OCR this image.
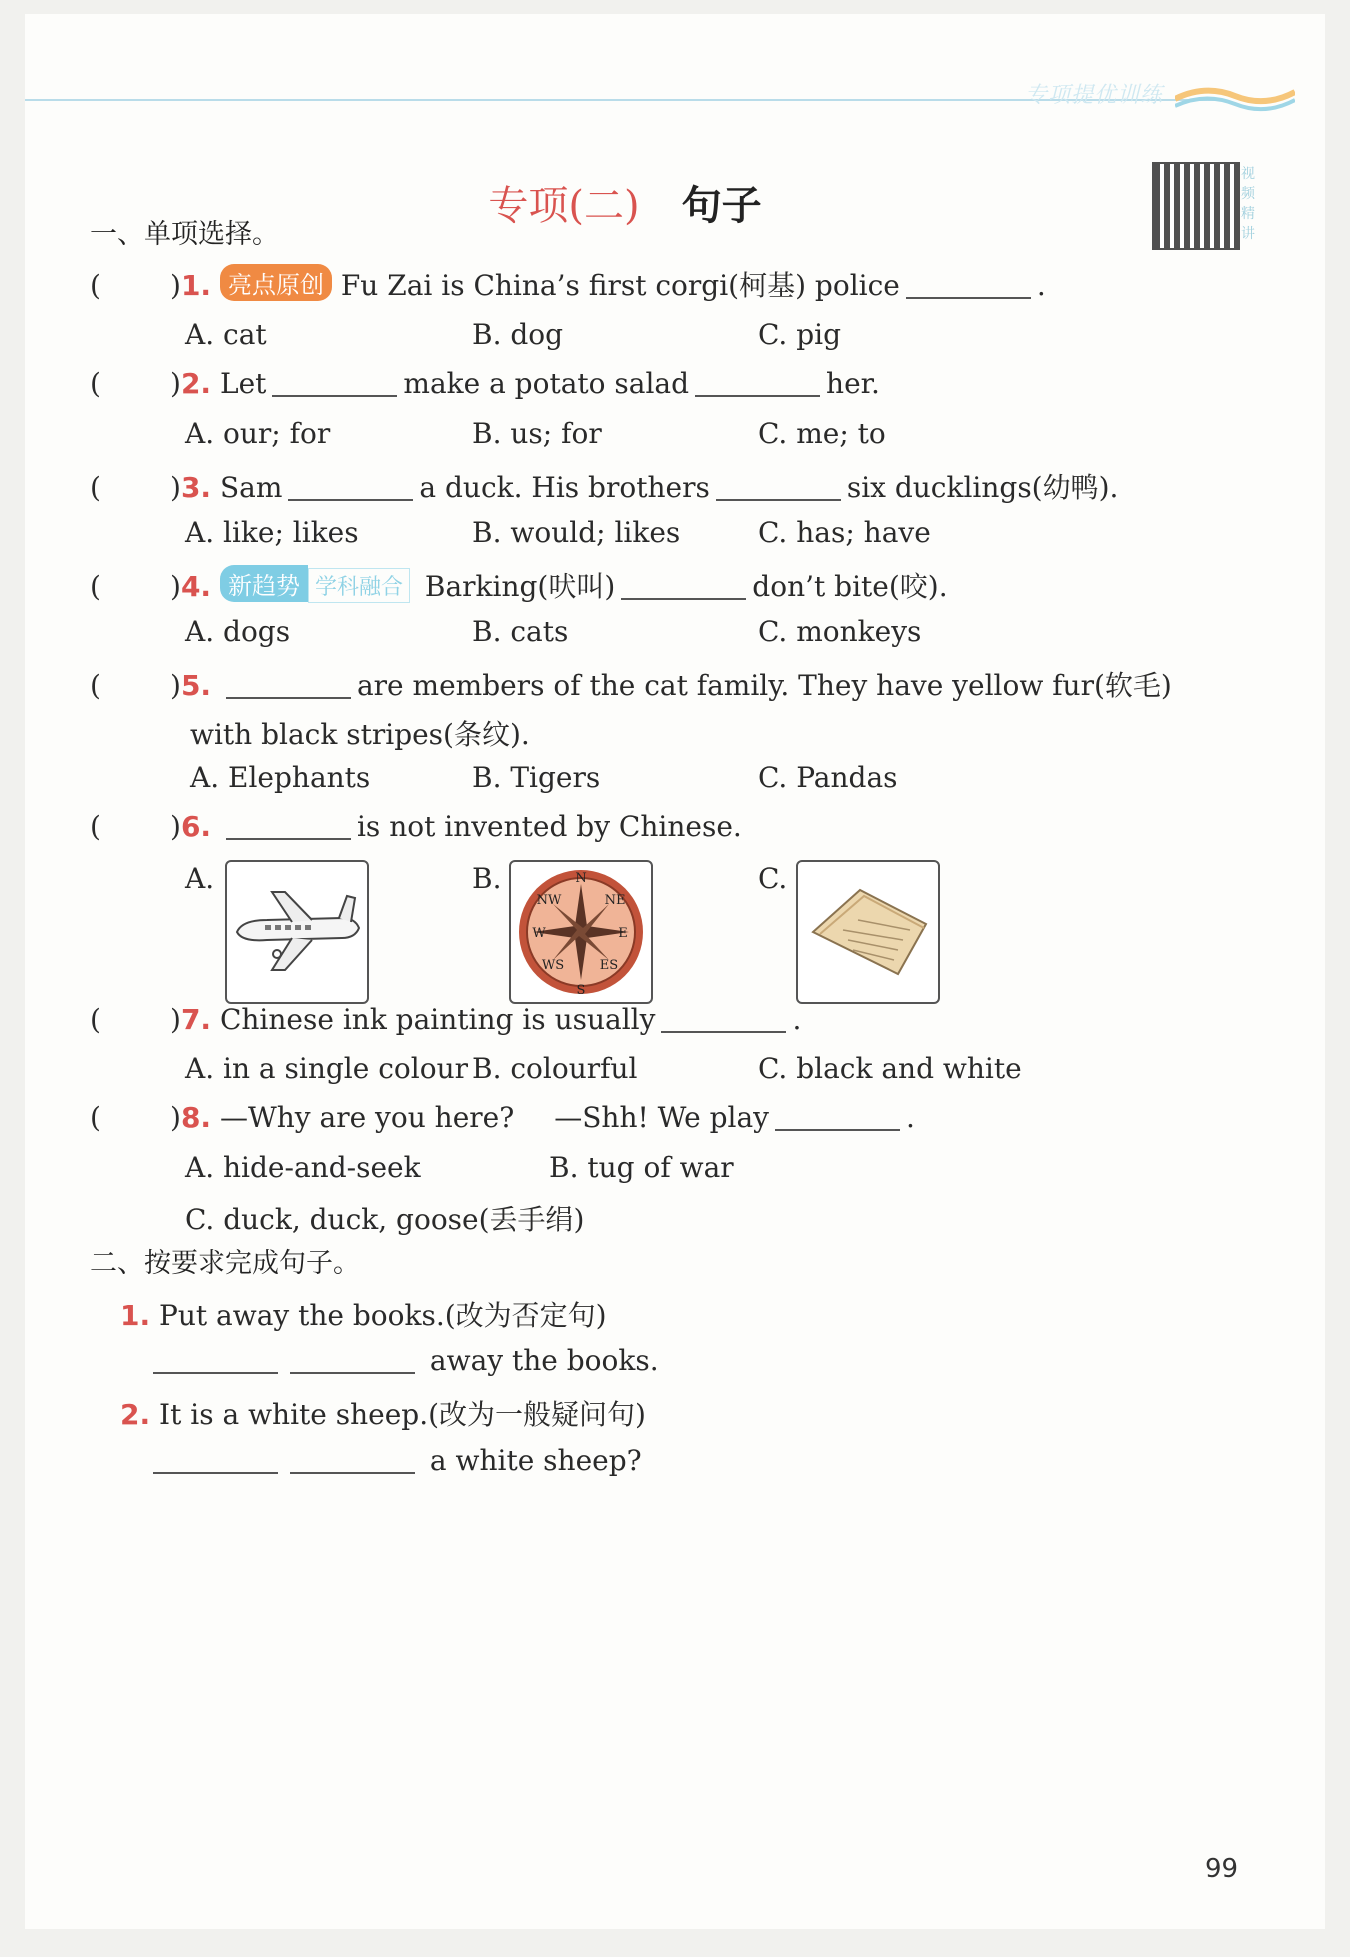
专项提优训练
专项(二) 句子
视频精讲
一、单项选择。
( )1. 亮点原创 Fu Zai is China’s first corgi(柯基) police	.
A. cat	B. dog	C. pig
( )2. Let	make a potato salad	her.
A. our; for	B. us; for	C. me; to
( )3. Sam	a duck. His brothers	six ducklings(幼鸭).
A. like; likes	B. would; likes	C. has; have
( )4. 新趋势 学科融合 Barking(吠叫)	don’t bite(咬).
A. dogs	B. cats	C. monkeys
( )5.	are members of the cat family. They have yellow fur(软毛)
with black stripes(条纹).
A. Elephants	B. Tigers	C. Pandas
( )6.	is not invented by Chinese.
A.	B.	C.
N
S
E
W
NW	NE
WS	ES
( )7. Chinese ink painting is usually	.
A. in a single colour B. colourful	C. black and white
( )8. —Why are you here? —Shh! We play	.
A. hide-and-seek	B. tug of war
C. duck, duck, goose(丢手绢)
二、按要求完成句子。
1. Put away the books.(改为否定句)
away the books.
2. It is a white sheep.(改为一般疑问句)
a white sheep?
99
